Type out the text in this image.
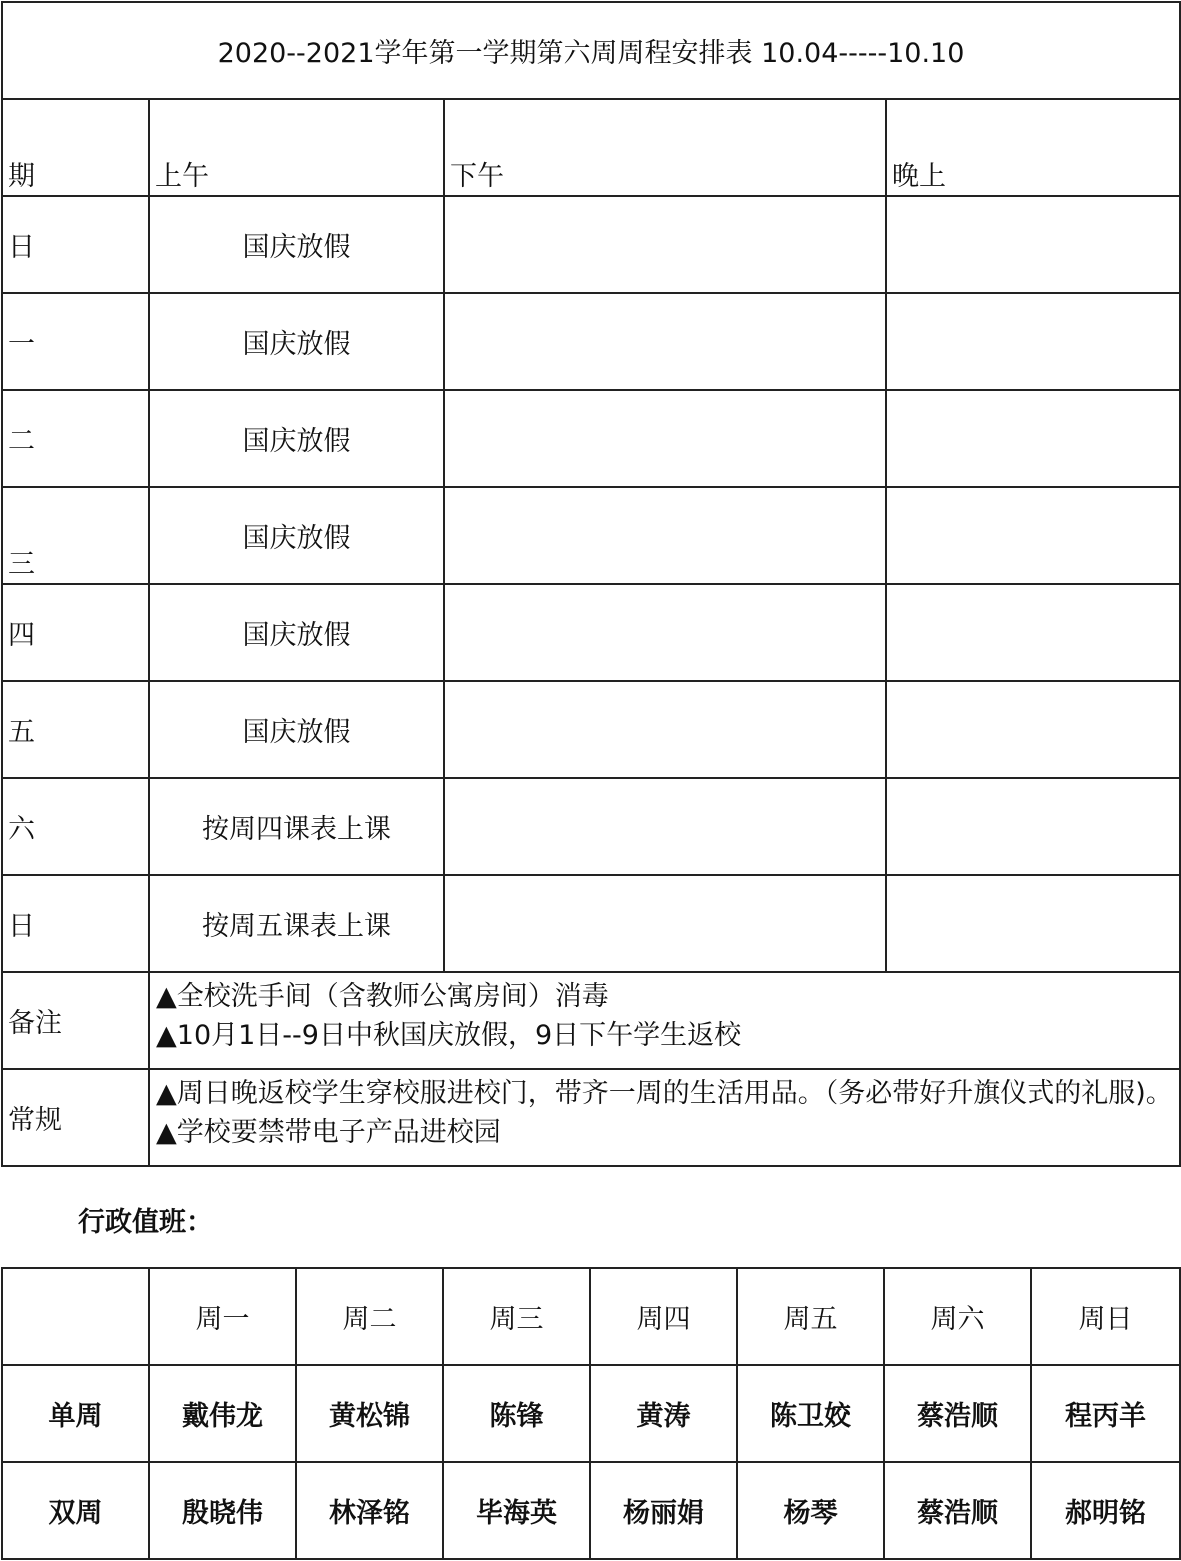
2020--2021学年第一学期第六周周程安排表 10.04-----10.10			
期	上午	下午	晚上
日	国庆放假		
一	国庆放假		
二	国庆放假		
三	国庆放假		
四	国庆放假		
五	国庆放假		
六	按周四课表上课		
日	按周五课表上课		
备注	▲全校洗手间（含教师公寓房间）消毒
▲10月1日--9日中秋国庆放假，9日下午学生返校		

常规	▲周日晚返校学生穿校服进校门，带齐一周的生活用品。（务必带好升旗仪式的礼服)。
▲学校要禁带电子产品进校园		
行政值班：
	周一	周二	周三	周四	周五	周六	周日
单周	戴伟龙	黄松锦	陈锋	黄涛	陈卫姣	蔡浩顺	程丙羊
双周	殷晓伟	林泽铭	毕海英	杨丽娟	杨琴	蔡浩顺	郝明铭
